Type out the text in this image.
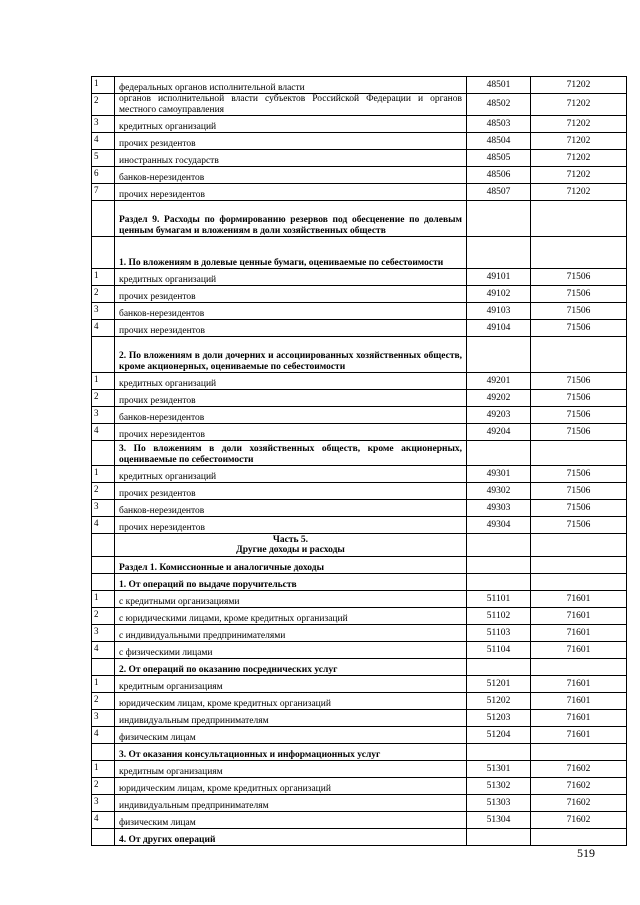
1	федеральных органов исполнительной власти	48501	71202
2	органов исполнительной власти субъектов Российской Федерации и органов местного самоуправления	48502	71202
3	кредитных организаций	48503	71202
4	прочих резидентов	48504	71202
5	иностранных государств	48505	71202
6	банков-нерезидентов	48506	71202
7	прочих нерезидентов	48507	71202
	Раздел 9. Расходы по формированию резервов под обесценение по долевым ценным бумагам и вложениям в доли хозяйственных обществ		
	1. По вложениям в долевые ценные бумаги, оцениваемые по себестоимости		
1	кредитных организаций	49101	71506
2	прочих резидентов	49102	71506
3	банков-нерезидентов	49103	71506
4	прочих нерезидентов	49104	71506
	2. По вложениям в доли дочерних и ассоциированных хозяйственных обществ, кроме акционерных, оцениваемые по себестоимости		
1	кредитных организаций	49201	71506
2	прочих резидентов	49202	71506
3	банков-нерезидентов	49203	71506
4	прочих нерезидентов	49204	71506
	3. По вложениям в доли хозяйственных обществ, кроме акционерных, оцениваемые по себестоимости		
1	кредитных организаций	49301	71506
2	прочих резидентов	49302	71506
3	банков-нерезидентов	49303	71506
4	прочих нерезидентов	49304	71506

	Часть 5.
Другие доходы и расходы		

	Раздел 1. Комиссионные и аналогичные доходы		
	1. От операций по выдаче поручительств		
1	с кредитными организациями	51101	71601
2	с юридическими лицами, кроме кредитных организаций	51102	71601
3	с индивидуальными предпринимателями	51103	71601
4	с физическими лицами	51104	71601
	2. От операций по оказанию посреднических услуг		
1	кредитным организациям	51201	71601
2	юридическим лицам, кроме кредитных организаций	51202	71601
3	индивидуальным предпринимателям	51203	71601
4	физическим лицам	51204	71601
	3. От оказания консультационных и информационных услуг		
1	кредитным организациям	51301	71602
2	юридическим лицам, кроме кредитных организаций	51302	71602
3	индивидуальным предпринимателям	51303	71602
4	физическим лицам	51304	71602
	4. От других операций		
519
